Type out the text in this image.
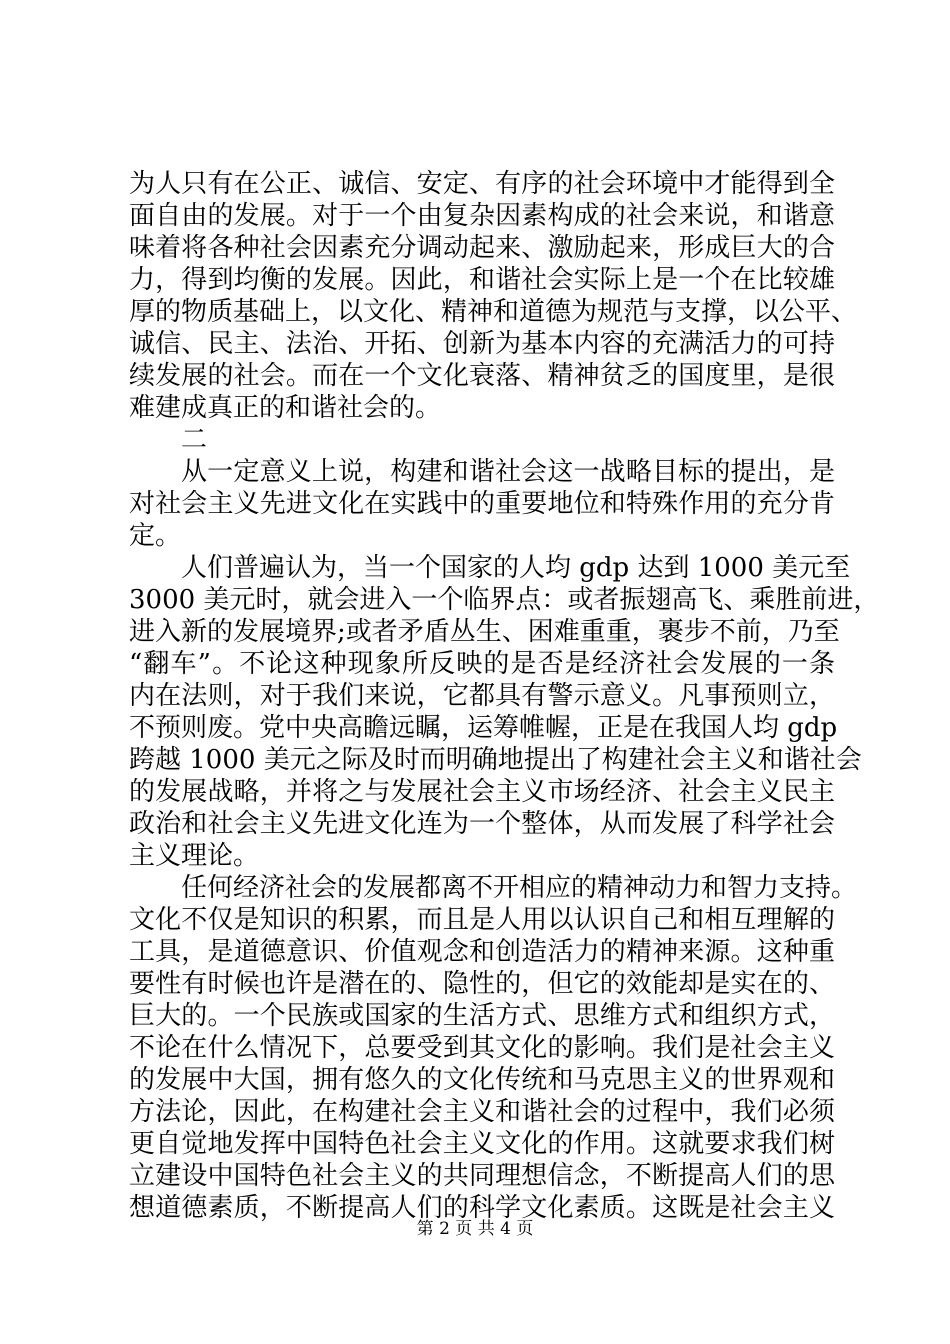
为人只有在公正、诚信、安定、有序的社会环境中才能得到全
面自由的发展。对于一个由复杂因素构成的社会来说，和谐意
味着将各种社会因素充分调动起来、激励起来，形成巨大的合
力，得到均衡的发展。因此，和谐社会实际上是一个在比较雄
厚的物质基础上，以文化、精神和道德为规范与支撑，以公平、
诚信、民主、法治、开拓、创新为基本内容的充满活力的可持
续发展的社会。而在一个文化衰落、精神贫乏的国度里，是很
难建成真正的和谐社会的。
二
从一定意义上说，构建和谐社会这一战略目标的提出，是
对社会主义先进文化在实践中的重要地位和特殊作用的充分肯
定。
人们普遍认为，当一个国家的人均 gdp 达到 1000 美元至
3000 美元时，就会进入一个临界点：或者振翅高飞、乘胜前进，
进入新的发展境界;或者矛盾丛生、困难重重，裹步不前，乃至
“翻车”。不论这种现象所反映的是否是经济社会发展的一条
内在法则，对于我们来说，它都具有警示意义。凡事预则立，
不预则废。党中央高瞻远瞩，运筹帷幄，正是在我国人均 gdp
跨越 1000 美元之际及时而明确地提出了构建社会主义和谐社会
的发展战略，并将之与发展社会主义市场经济、社会主义民主
政治和社会主义先进文化连为一个整体，从而发展了科学社会
主义理论。
任何经济社会的发展都离不开相应的精神动力和智力支持。
文化不仅是知识的积累，而且是人用以认识自己和相互理解的
工具，是道德意识、价值观念和创造活力的精神来源。这种重
要性有时候也许是潜在的、隐性的，但它的效能却是实在的、
巨大的。一个民族或国家的生活方式、思维方式和组织方式，
不论在什么情况下，总要受到其文化的影响。我们是社会主义
的发展中大国，拥有悠久的文化传统和马克思主义的世界观和
方法论，因此，在构建社会主义和谐社会的过程中，我们必须
更自觉地发挥中国特色社会主义文化的作用。这就要求我们树
立建设中国特色社会主义的共同理想信念，不断提高人们的思
想道德素质，不断提高人们的科学文化素质。这既是社会主义
第 2 页 共 4 页
